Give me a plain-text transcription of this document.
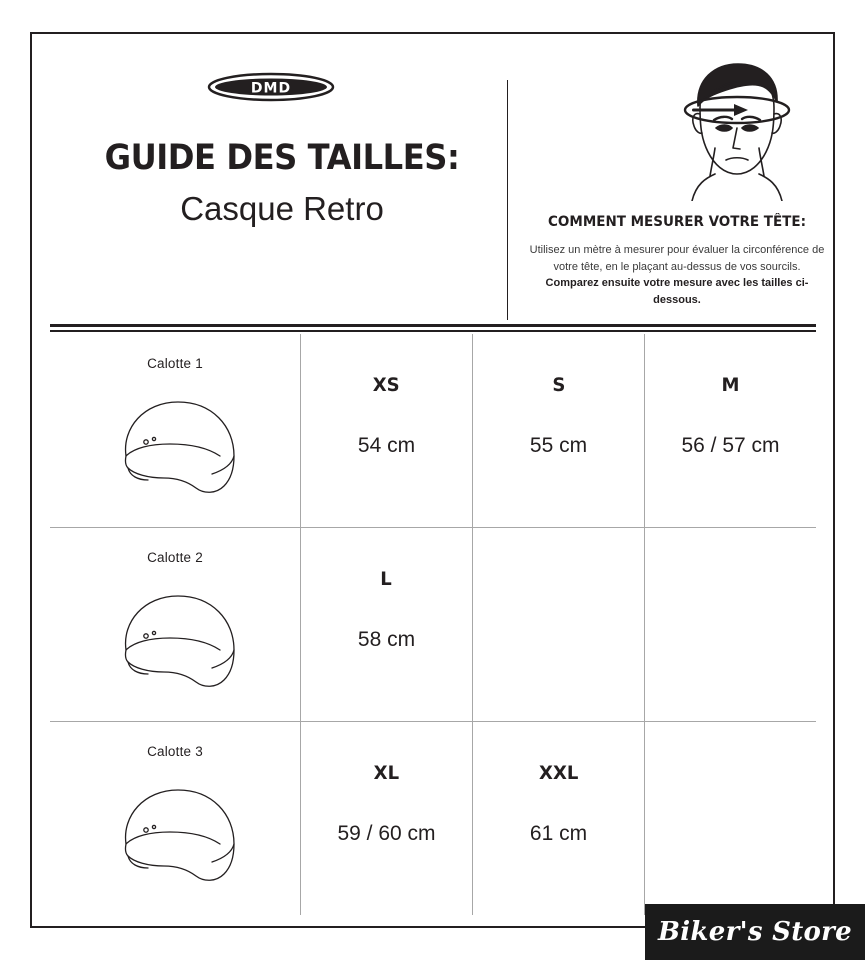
DMD
GUIDE DES TAILLES:
Casque Retro	COMMENT MESURER VOTRE TÊTE:
Utilisez un mètre à mesurer pour évaluer la circonférence de
votre tête, en le plaçant au-dessus de vos sourcils.
Comparez ensuite votre mesure avec les tailles ci-dessous.
Calotte 1
XS
54 cm
S
55 cm
M
56 / 57 cm
Calotte 2
L
58 cm
Calotte 3
XL
59 / 60 cm
XXL
61 cm
Biker's Store
